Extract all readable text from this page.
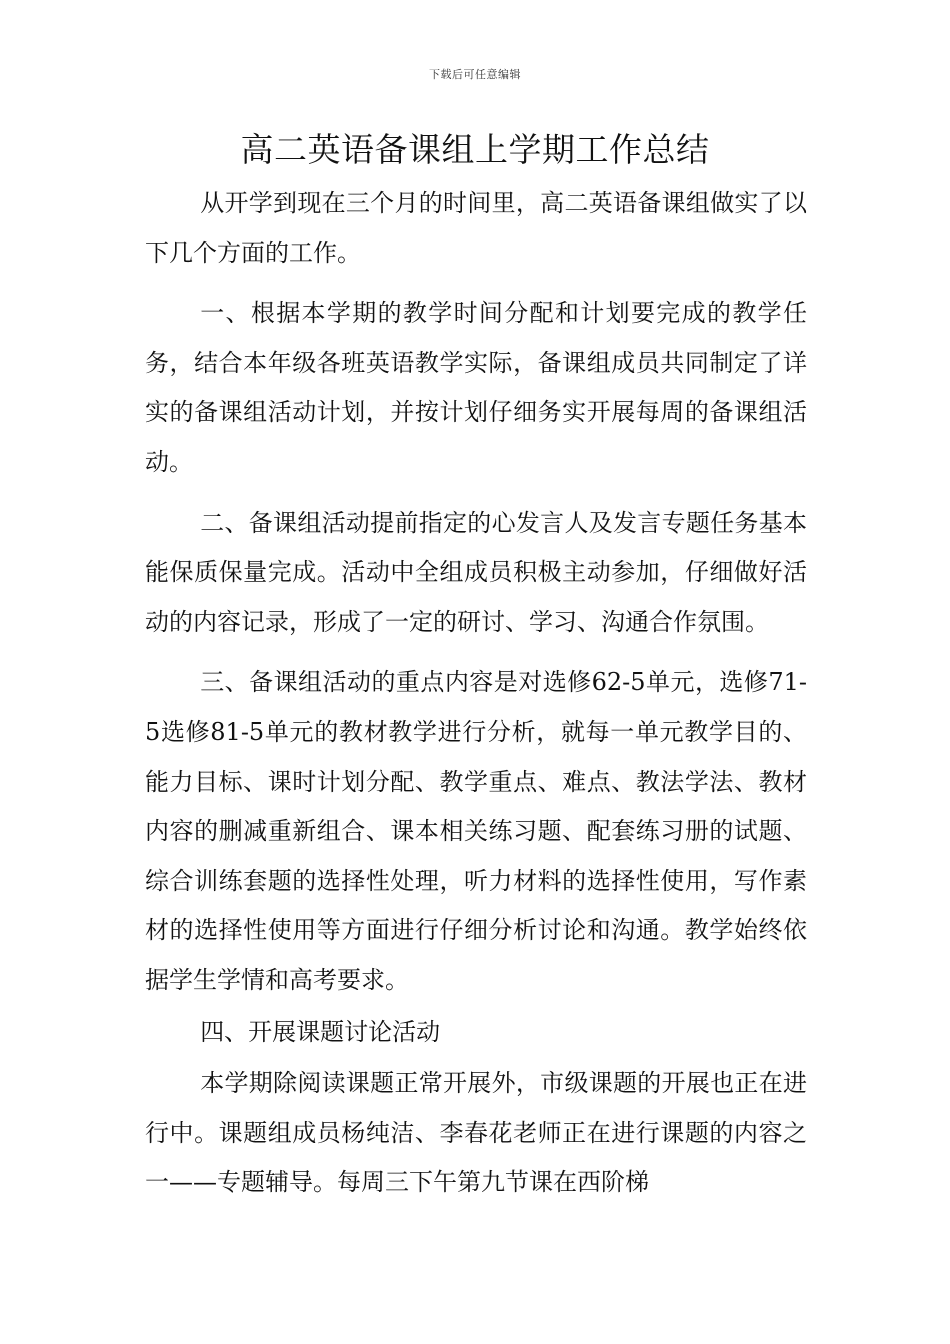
下载后可任意编辑
高二英语备课组上学期工作总结

从开学到现在三个月的时间里，高二英语备课组做实了以下几个方面的工作。

一、根据本学期的教学时间分配和计划要完成的教学任务，结合本年级各班英语教学实际，备课组成员共同制定了详实的备课组活动计划，并按计划仔细务实开展每周的备课组活动。

二、备课组活动提前指定的心发言人及发言专题任务基本能保质保量完成。活动中全组成员积极主动参加，仔细做好活动的内容记录，形成了一定的研讨、学习、沟通合作氛围。

三、备课组活动的重点内容是对选修62-5单元，选修71-5选修81-5单元的教材教学进行分析，就每一单元教学目的、能力目标、课时计划分配、教学重点、难点、教法学法、教材内容的删减重新组合、课本相关练习题、配套练习册的试题、综合训练套题的选择性处理，听力材料的选择性使用，写作素材的选择性使用等方面进行仔细分析讨论和沟通。教学始终依据学生学情和高考要求。

四、开展课题讨论活动

本学期除阅读课题正常开展外，市级课题的开展也正在进行中。课题组成员杨纯洁、李春花老师正在进行课题的内容之一——专题辅导。每周三下午第九节课在西阶梯
